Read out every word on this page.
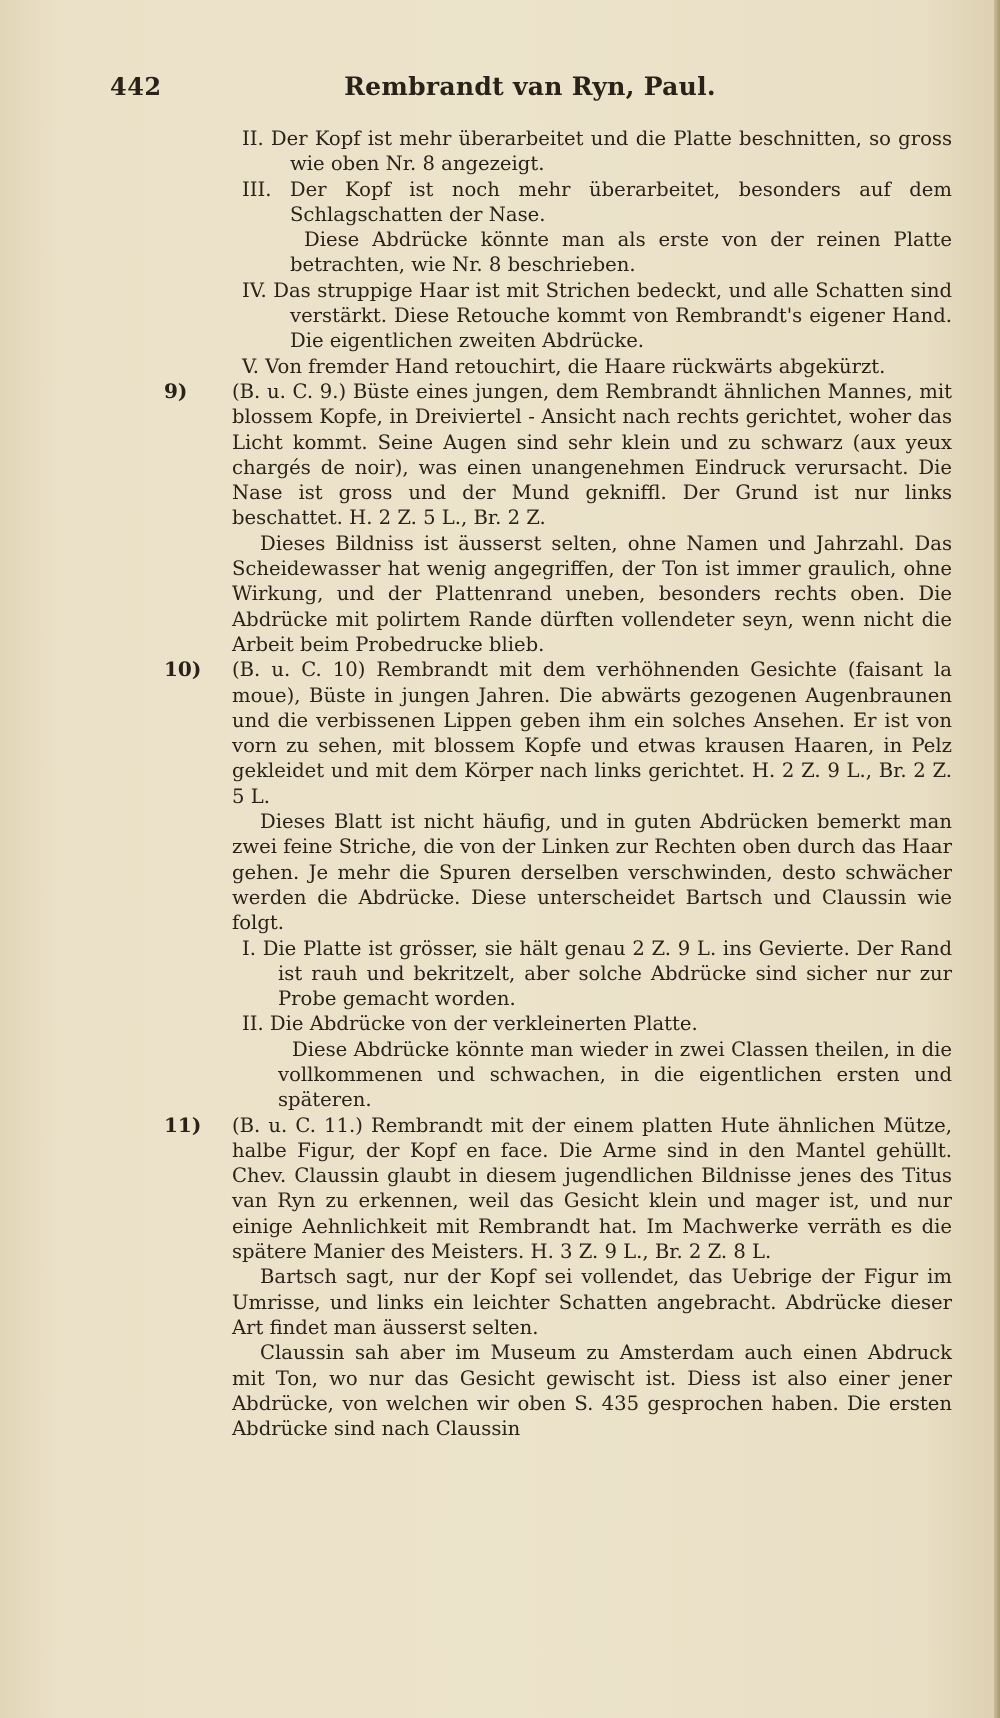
442	Rembrandt van Ryn, Paul.

II. Der Kopf ist mehr überarbeitet und die Platte beschnitten, so gross wie oben Nr. 8 angezeigt.

III. Der Kopf ist noch mehr überarbeitet, besonders auf dem Schlagschatten der Nase.

Diese Abdrücke könnte man als erste von der reinen Platte betrachten, wie Nr. 8 beschrieben.

IV. Das struppige Haar ist mit Strichen bedeckt, und alle Schatten sind verstärkt. Diese Retouche kommt von Rembrandt's eigener Hand. Die eigentlichen zweiten Abdrücke.

V. Von fremder Hand retouchirt, die Haare rückwärts abgekürzt.

9) (B. u. C. 9.) Büste eines jungen, dem Rembrandt ähnlichen Mannes, mit blossem Kopfe, in Dreiviertel - Ansicht nach rechts gerichtet, woher das Licht kommt. Seine Augen sind sehr klein und zu schwarz (aux yeux chargés de noir), was einen unangenehmen Eindruck verursacht. Die Nase ist gross und der Mund gekniffl. Der Grund ist nur links beschattet. H. 2 Z. 5 L., Br. 2 Z.

Dieses Bildniss ist äusserst selten, ohne Namen und Jahrzahl. Das Scheidewasser hat wenig angegriffen, der Ton ist immer graulich, ohne Wirkung, und der Plattenrand uneben, besonders rechts oben. Die Abdrücke mit polirtem Rande dürften vollendeter seyn, wenn nicht die Arbeit beim Probedrucke blieb.

10) (B. u. C. 10) Rembrandt mit dem verhöhnenden Gesichte (faisant la moue), Büste in jungen Jahren. Die abwärts gezogenen Augenbraunen und die verbissenen Lippen geben ihm ein solches Ansehen. Er ist von vorn zu sehen, mit blossem Kopfe und etwas krausen Haaren, in Pelz gekleidet und mit dem Körper nach links gerichtet. H. 2 Z. 9 L., Br. 2 Z. 5 L.

Dieses Blatt ist nicht häufig, und in guten Abdrücken bemerkt man zwei feine Striche, die von der Linken zur Rechten oben durch das Haar gehen. Je mehr die Spuren derselben verschwinden, desto schwächer werden die Abdrücke. Diese unterscheidet Bartsch und Claussin wie folgt.

I. Die Platte ist grösser, sie hält genau 2 Z. 9 L. ins Gevierte. Der Rand ist rauh und bekritzelt, aber solche Abdrücke sind sicher nur zur Probe gemacht worden.

II. Die Abdrücke von der verkleinerten Platte.

Diese Abdrücke könnte man wieder in zwei Classen theilen, in die vollkommenen und schwachen, in die eigentlichen ersten und späteren.

11) (B. u. C. 11.) Rembrandt mit der einem platten Hute ähnlichen Mütze, halbe Figur, der Kopf en face. Die Arme sind in den Mantel gehüllt. Chev. Claussin glaubt in diesem jugendlichen Bildnisse jenes des Titus van Ryn zu erkennen, weil das Gesicht klein und mager ist, und nur einige Aehnlichkeit mit Rembrandt hat. Im Machwerke verräth es die spätere Manier des Meisters. H. 3 Z. 9 L., Br. 2 Z. 8 L.

Bartsch sagt, nur der Kopf sei vollendet, das Uebrige der Figur im Umrisse, und links ein leichter Schatten angebracht. Abdrücke dieser Art findet man äusserst selten.

Claussin sah aber im Museum zu Amsterdam auch einen Abdruck mit Ton, wo nur das Gesicht gewischt ist. Diess ist also einer jener Abdrücke, von welchen wir oben S. 435 gesprochen haben. Die ersten Abdrücke sind nach Claussin
